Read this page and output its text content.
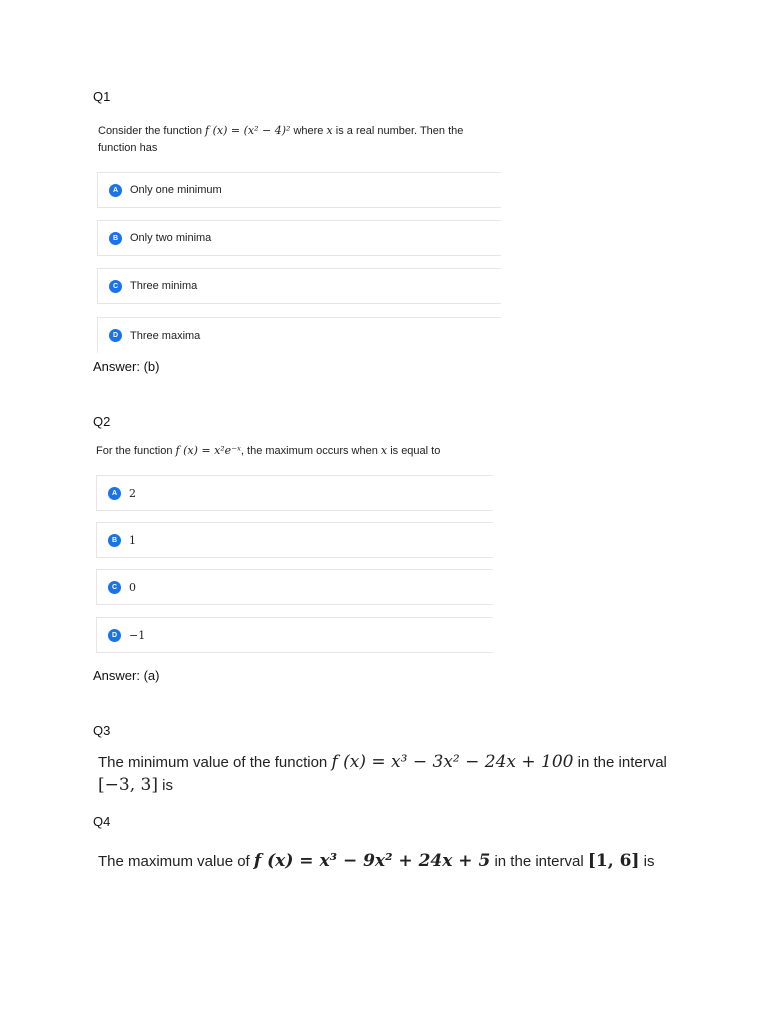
Q1
Consider the function f (x) = (x² − 4)² where x is a real number. Then the
function has
A	Only one minimum
B	Only two minima
C	Three minima
D	Three maxima
Answer: (b)
Q2
For the function f (x) = x²e⁻ˣ, the maximum occurs when x is equal to
A	2
B	1
C	0
D	−1
Answer: (a)
Q3
The minimum value of the function f (x) = x³ − 3x² − 24x + 100 in the interval
[−3, 3] is
Q4
The maximum value of f (x) = x³ − 9x² + 24x + 5 in the interval [1, 6] is
